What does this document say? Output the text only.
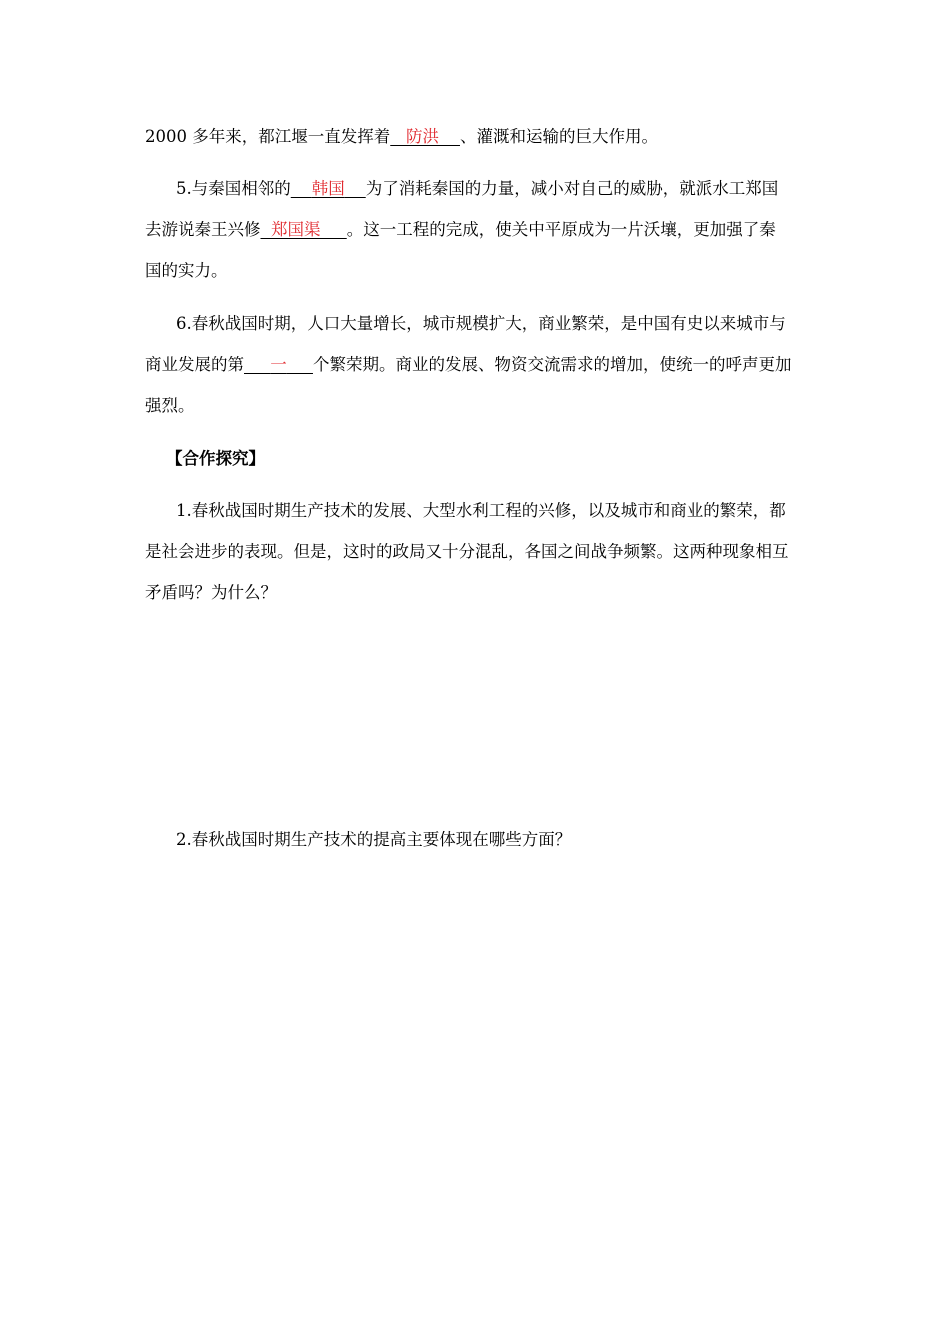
2000 多年来，都江堰一直发挥着 防洪 、灌溉和运输的巨大作用。
5.与秦国相邻的 韩国 为了消耗秦国的力量，减小对自己的威胁，就派水工郑国
去游说秦王兴修 郑国渠 。这一工程的完成，使关中平原成为一片沃壤，更加强了秦
国的实力。
6.春秋战国时期，人口大量增长，城市规模扩大，商业繁荣，是中国有史以来城市与
商业发展的第 一 个繁荣期。商业的发展、物资交流需求的增加，使统一的呼声更加
强烈。
【合作探究】
1.春秋战国时期生产技术的发展、大型水利工程的兴修，以及城市和商业的繁荣，都
是社会进步的表现。但是，这时的政局又十分混乱，各国之间战争频繁。这两种现象相互
矛盾吗？为什么？
2.春秋战国时期生产技术的提高主要体现在哪些方面？
